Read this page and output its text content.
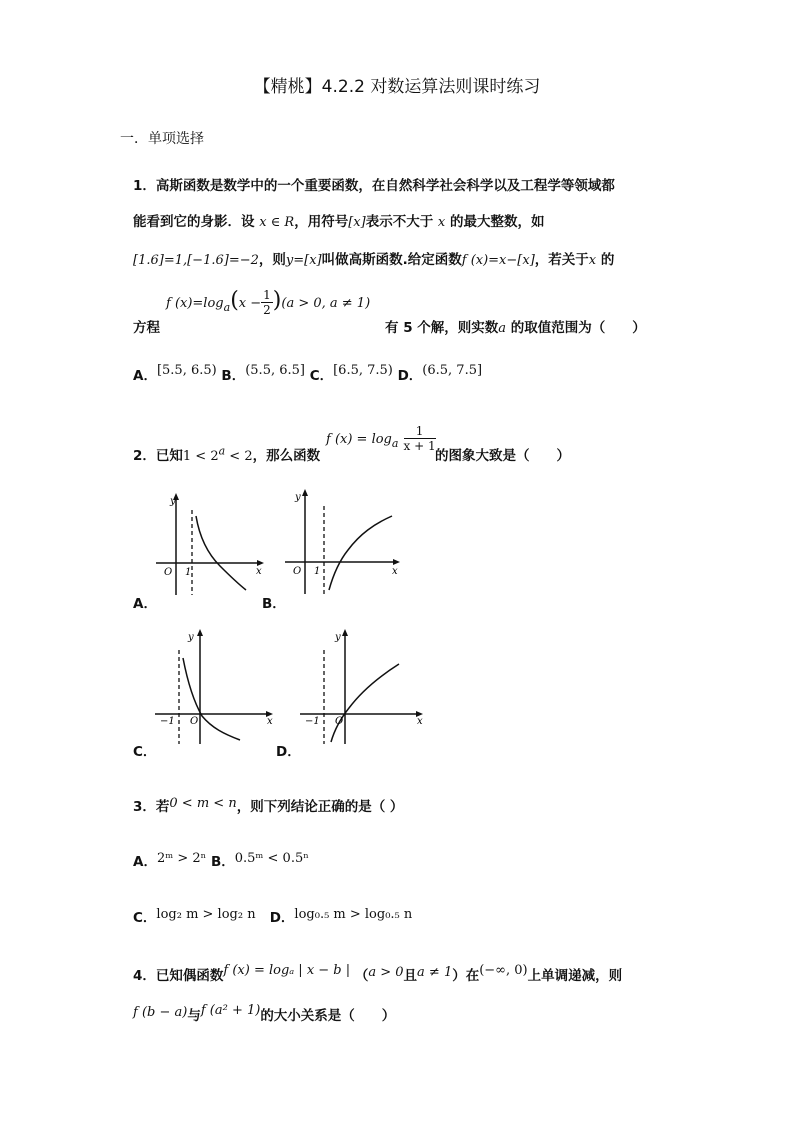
【精桃】4.2.2 对数运算法则课时练习
一．单项选择
1．高斯函数是数学中的一个重要函数，在自然科学社会科学以及工程学等领域都
能看到它的身影．设 x ∈ R，用符号[x]表示不大于 x 的最大整数，如
[1.6]=1,[−1.6]=−2，则y=[x]叫做高斯函数.给定函数f (x)=x−[x]，若关于x 的
f $(x)=\log_a(x - \frac{1}{2} )(a > 0$, a ≠ 1)
方程	有 5 个解，则实数a 的取值范围为（　　）
A．[5.5, 6.5) B．(5.5, 6.5] C．[6.5, 7.5) D．(6.5, 7.5]
2．已知$1 < 2^a < 2$，那么函数
f $(x) = \log_a \frac{1}{x + 1}$
的图象大致是（　　）
y
x
O 1
A．
y
x
O 1
B．
y
x
−1 O
C．
y
x
−1 O
D．
3．若0 < m < n，则下列结论正确的是（ ）
A．2ᵐ > 2ⁿ B．0.5ᵐ < 0.5ⁿ
C．log₂ m > log₂ n D．log₀.₅ m > log₀.₅ n
4．已知偶函数f (x) = logₐ | x − b | （a > 0且a ≠ 1）在(−∞, 0)上单调递减，则
f (b − a)与f (a² + 1)的大小关系是（　　）
